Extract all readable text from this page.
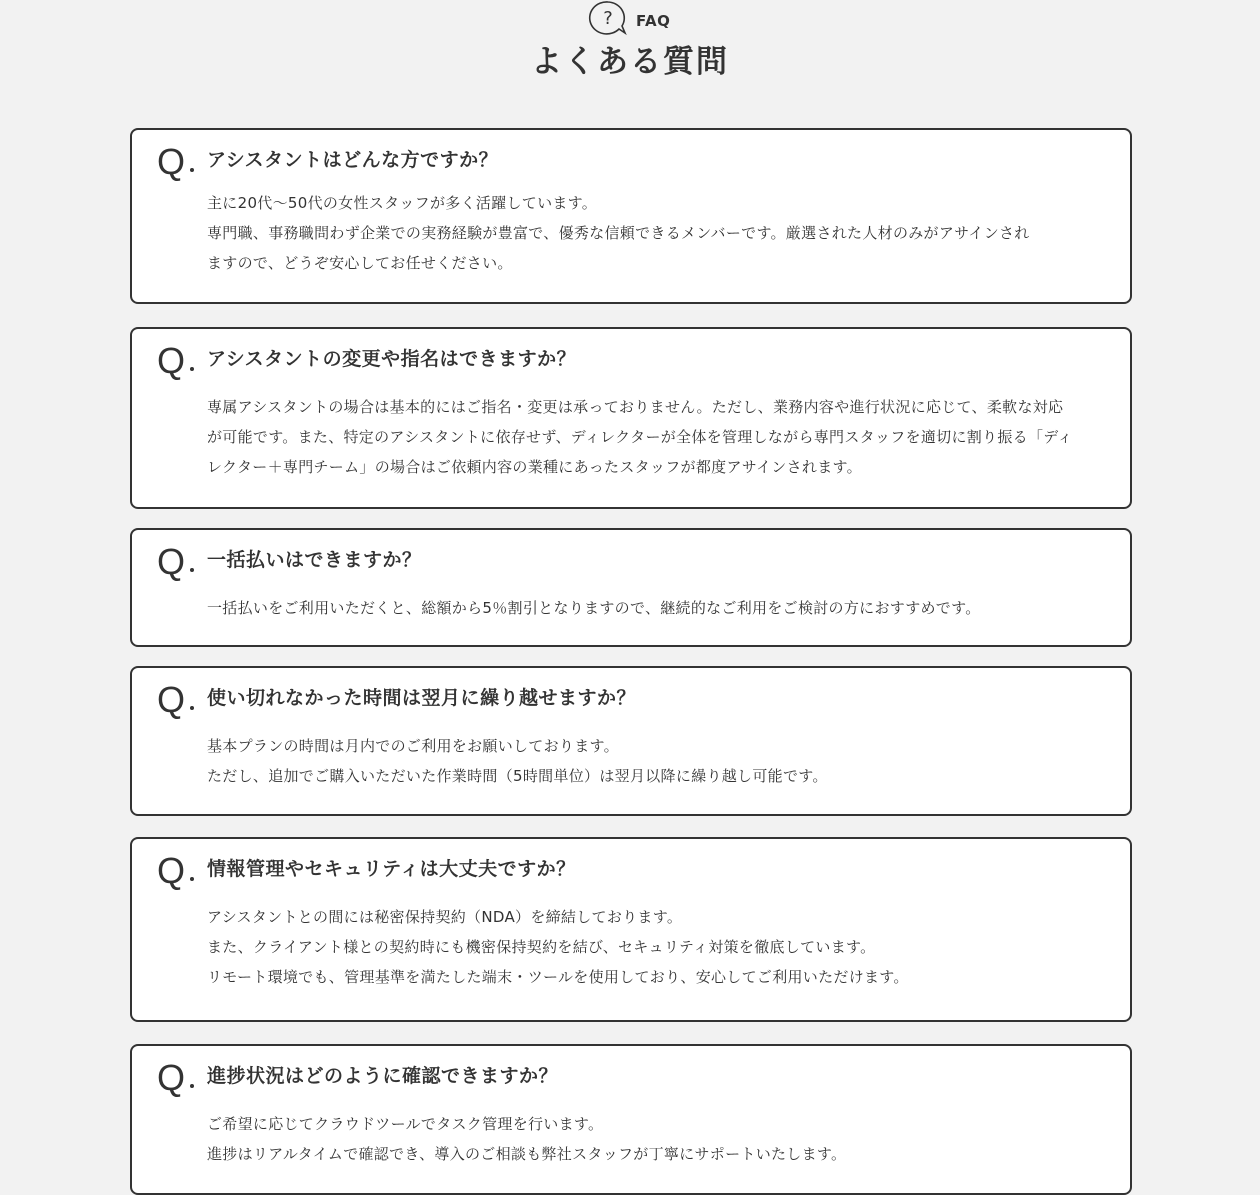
? FAQ
よくある質問
Q アシスタントはどんな方ですか？
主に20代〜50代の女性スタッフが多く活躍しています。
専門職、事務職問わず企業での実務経験が豊富で、優秀な信頼できるメンバーです。厳選された人材のみがアサインされ
ますので、どうぞ安心してお任せください。
Q アシスタントの変更や指名はできますか？
専属アシスタントの場合は基本的にはご指名・変更は承っておりません。ただし、業務内容や進行状況に応じて、柔軟な対応
が可能です。また、特定のアシスタントに依存せず、ディレクターが全体を管理しながら専門スタッフを適切に割り振る「ディ
レクター＋専門チーム」の場合はご依頼内容の業種にあったスタッフが都度アサインされます。
Q 一括払いはできますか？
一括払いをご利用いただくと、総額から5％割引となりますので、継続的なご利用をご検討の方におすすめです。
Q 使い切れなかった時間は翌月に繰り越せますか？
基本プランの時間は月内でのご利用をお願いしております。
ただし、追加でご購入いただいた作業時間（5時間単位）は翌月以降に繰り越し可能です。
Q 情報管理やセキュリティは大丈夫ですか？
アシスタントとの間には秘密保持契約（NDA）を締結しております。
また、クライアント様との契約時にも機密保持契約を結び、セキュリティ対策を徹底しています。
リモート環境でも、管理基準を満たした端末・ツールを使用しており、安心してご利用いただけます。
Q 進捗状況はどのように確認できますか？
ご希望に応じてクラウドツールでタスク管理を行います。
進捗はリアルタイムで確認でき、導入のご相談も弊社スタッフが丁寧にサポートいたします。
